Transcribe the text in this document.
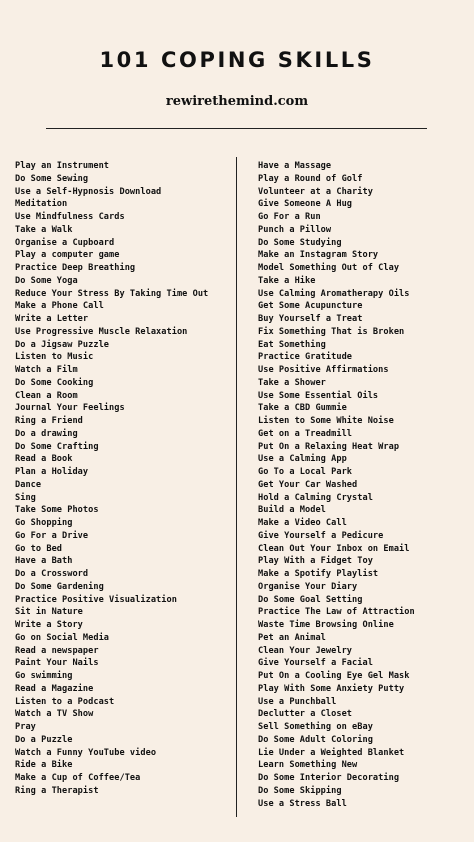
101 COPING SKILLS
rewirethemind.com
Play an Instrument
Do Some Sewing
Use a Self-Hypnosis Download
Meditation
Use Mindfulness Cards
Take a Walk
Organise a Cupboard
Play a computer game
Practice Deep Breathing
Do Some Yoga
Reduce Your Stress By Taking Time Out
Make a Phone Call
Write a Letter
Use Progressive Muscle Relaxation
Do a Jigsaw Puzzle
Listen to Music
Watch a Film
Do Some Cooking
Clean a Room
Journal Your Feelings
Ring a Friend
Do a drawing
Do Some Crafting
Read a Book
Plan a Holiday
Dance
Sing
Take Some Photos
Go Shopping
Go For a Drive
Go to Bed
Have a Bath
Do a Crossword
Do Some Gardening
Practice Positive Visualization
Sit in Nature
Write a Story
Go on Social Media
Read a newspaper
Paint Your Nails
Go swimming
Read a Magazine
Listen to a Podcast
Watch a TV Show
Pray
Do a Puzzle
Watch a Funny YouTube video
Ride a Bike
Make a Cup of Coffee/Tea
Ring a Therapist
Have a Massage
Play a Round of Golf
Volunteer at a Charity
Give Someone A Hug
Go For a Run
Punch a Pillow
Do Some Studying
Make an Instagram Story
Model Something Out of Clay
Take a Hike
Use Calming Aromatherapy Oils
Get Some Acupuncture
Buy Yourself a Treat
Fix Something That is Broken
Eat Something
Practice Gratitude
Use Positive Affirmations
Take a Shower
Use Some Essential Oils
Take a CBD Gummie
Listen to Some White Noise
Get on a Treadmill
Put On a Relaxing Heat Wrap
Use a Calming App
Go To a Local Park
Get Your Car Washed
Hold a Calming Crystal
Build a Model
Make a Video Call
Give Yourself a Pedicure
Clean Out Your Inbox on Email
Play With a Fidget Toy
Make a Spotify Playlist
Organise Your Diary
Do Some Goal Setting
Practice The Law of Attraction
Waste Time Browsing Online
Pet an Animal
Clean Your Jewelry
Give Yourself a Facial
Put On a Cooling Eye Gel Mask
Play With Some Anxiety Putty
Use a Punchball
Declutter a Closet
Sell Something on eBay
Do Some Adult Coloring
Lie Under a Weighted Blanket
Learn Something New
Do Some Interior Decorating
Do Some Skipping
Use a Stress Ball
